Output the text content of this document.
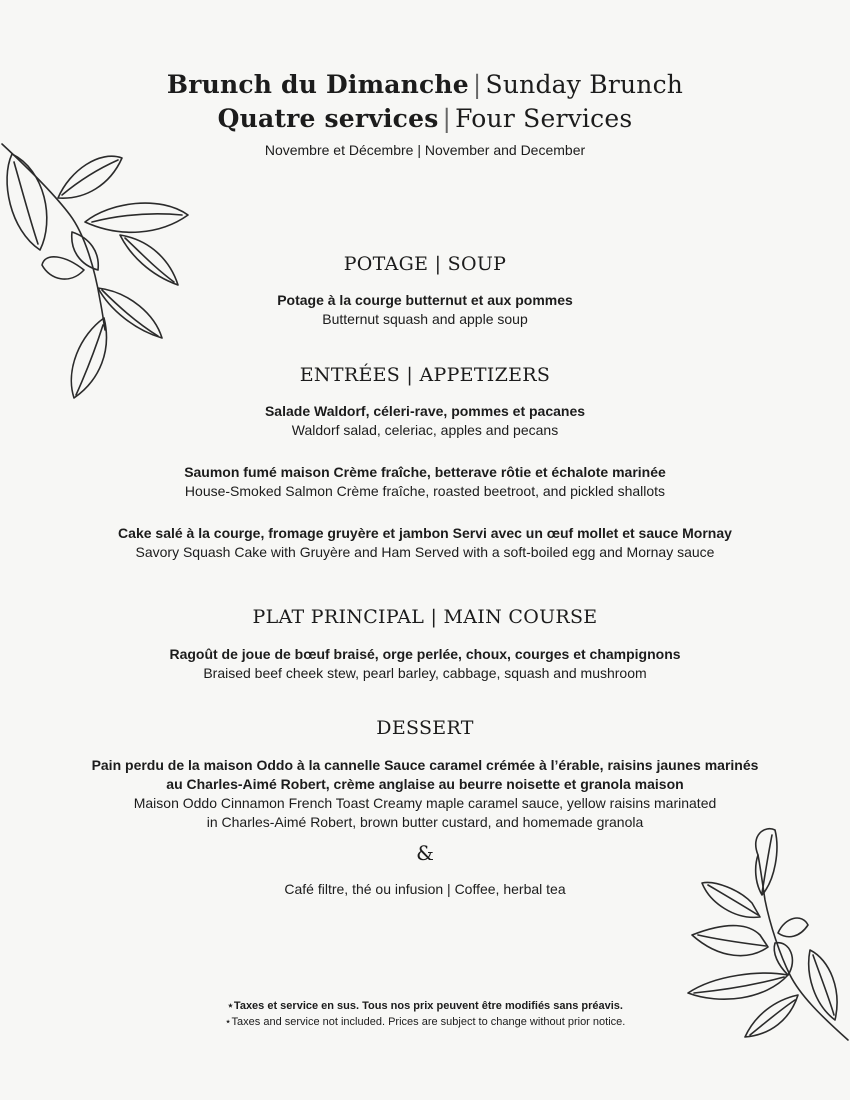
Brunch du Dimanche | Sunday Brunch
Quatre services | Four Services
Novembre et Décembre | November and December
POTAGE | SOUP
Potage à la courge butternut et aux pommes
Butternut squash and apple soup
ENTRÉES | APPETIZERS
Salade Waldorf, céleri-rave, pommes et pacanes
Waldorf salad, celeriac, apples and pecans
Saumon fumé maison Crème fraîche, betterave rôtie et échalote marinée
House-Smoked Salmon Crème fraîche, roasted beetroot, and pickled shallots
Cake salé à la courge, fromage gruyère et jambon Servi avec un œuf mollet et sauce Mornay
Savory Squash Cake with Gruyère and Ham Served with a soft-boiled egg and Mornay sauce
PLAT PRINCIPAL | MAIN COURSE
Ragoût de joue de bœuf braisé, orge perlée, choux, courges et champignons
Braised beef cheek stew, pearl barley, cabbage, squash and mushroom
DESSERT
Pain perdu de la maison Oddo à la cannelle Sauce caramel crémée à l’érable, raisins jaunes marinés
au Charles-Aimé Robert, crème anglaise au beurre noisette et granola maison
Maison Oddo Cinnamon French Toast Creamy maple caramel sauce, yellow raisins marinated
in Charles-Aimé Robert, brown butter custard, and homemade granola
&
Café filtre, thé ou infusion | Coffee, herbal tea
⋆Taxes et service en sus. Tous nos prix peuvent être modifiés sans préavis.
⋆Taxes and service not included. Prices are subject to change without prior notice.
